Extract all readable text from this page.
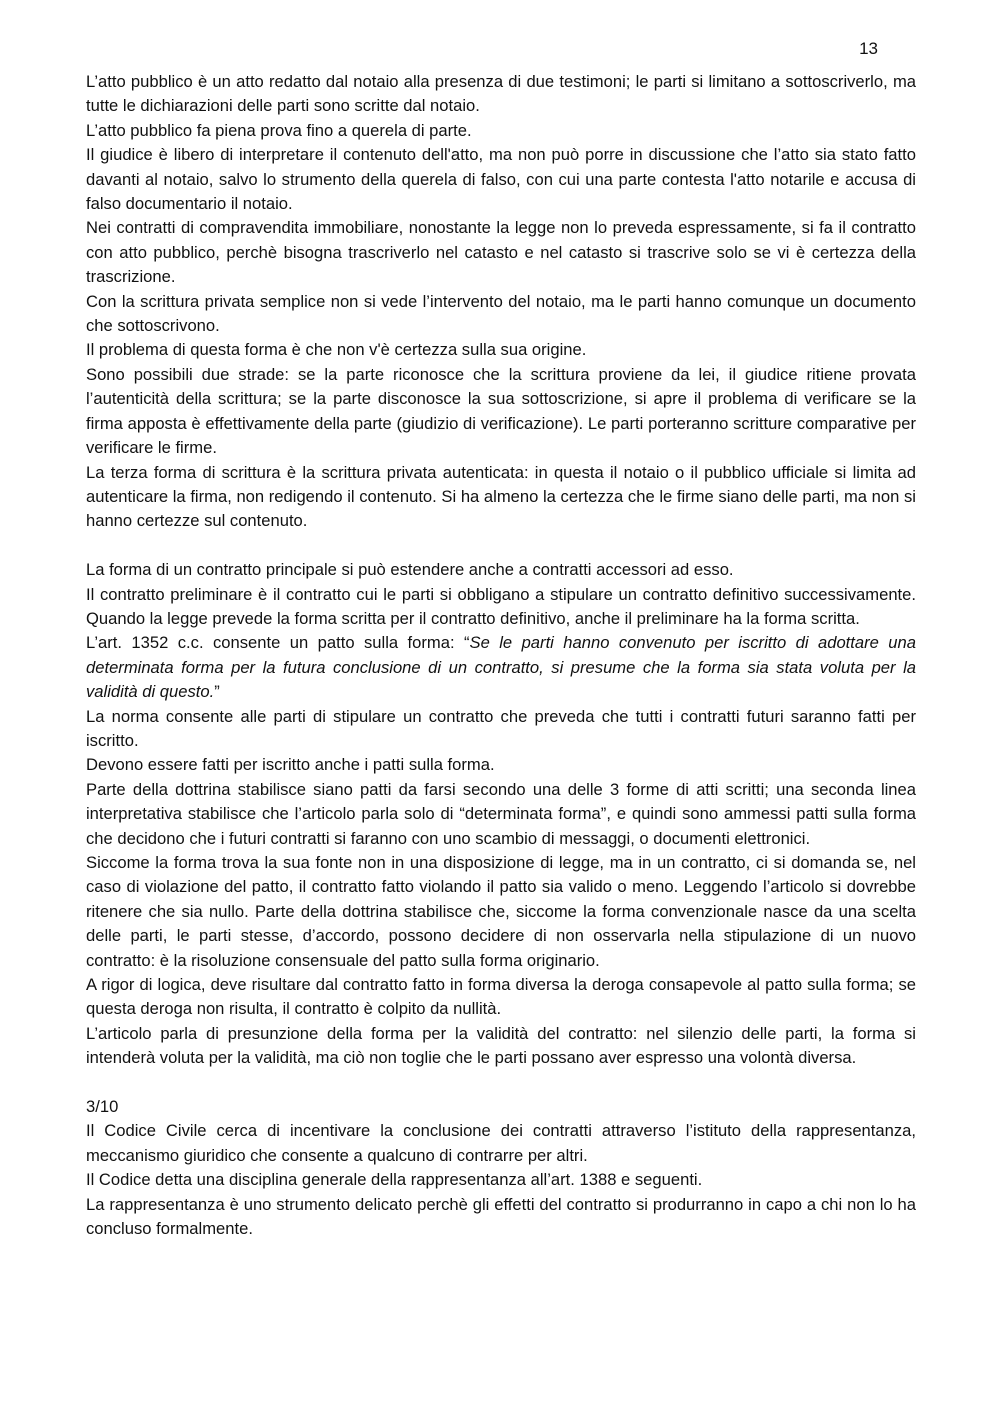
13

L’atto pubblico è un atto redatto dal notaio alla presenza di due testimoni; le parti si limitano a sottoscriverlo, ma tutte le dichiarazioni delle parti sono scritte dal notaio.

L’atto pubblico fa piena prova fino a querela di parte.

Il giudice è libero di interpretare il contenuto dell'atto, ma non può porre in discussione che l’atto sia stato fatto davanti al notaio, salvo lo strumento della querela di falso, con cui una parte contesta l'atto notarile e accusa di falso documentario il notaio.

Nei contratti di compravendita immobiliare, nonostante la legge non lo preveda espressamente, si fa il contratto con atto pubblico, perchè bisogna trascriverlo nel catasto e nel catasto si trascrive solo se vi è certezza della trascrizione.

Con la scrittura privata semplice non si vede l’intervento del notaio, ma le parti hanno comunque un documento che sottoscrivono.

Il problema di questa forma è che non v'è certezza sulla sua origine.

Sono possibili due strade: se la parte riconosce che la scrittura proviene da lei, il giudice ritiene provata l’autenticità della scrittura; se la parte disconosce la sua sottoscrizione, si apre il problema di verificare se la firma apposta è effettivamente della parte (giudizio di verificazione). Le parti porteranno scritture comparative per verificare le firme.

La terza forma di scrittura è la scrittura privata autenticata: in questa il notaio o il pubblico ufficiale si limita ad autenticare la firma, non redigendo il contenuto. Si ha almeno la certezza che le firme siano delle parti, ma non si hanno certezze sul contenuto.

La forma di un contratto principale si può estendere anche a contratti accessori ad esso.

Il contratto preliminare è il contratto cui le parti si obbligano a stipulare un contratto definitivo successivamente. Quando la legge prevede la forma scritta per il contratto definitivo, anche il preliminare ha la forma scritta.

L’art. 1352 c.c. consente un patto sulla forma: “Se le parti hanno convenuto per iscritto di adottare una determinata forma per la futura conclusione di un contratto, si presume che la forma sia stata voluta per la validità di questo.”

La norma consente alle parti di stipulare un contratto che preveda che tutti i contratti futuri saranno fatti per iscritto.

Devono essere fatti per iscritto anche i patti sulla forma.

Parte della dottrina stabilisce siano patti da farsi secondo una delle 3 forme di atti scritti; una seconda linea interpretativa stabilisce che l’articolo parla solo di “determinata forma”, e quindi sono ammessi patti sulla forma che decidono che i futuri contratti si faranno con uno scambio di messaggi, o documenti elettronici.

Siccome la forma trova la sua fonte non in una disposizione di legge, ma in un contratto, ci si domanda se, nel caso di violazione del patto, il contratto fatto violando il patto sia valido o meno. Leggendo l’articolo si dovrebbe ritenere che sia nullo. Parte della dottrina stabilisce che, siccome la forma convenzionale nasce da una scelta delle parti, le parti stesse, d’accordo, possono decidere di non osservarla nella stipulazione di un nuovo contratto: è la risoluzione consensuale del patto sulla forma originario.

A rigor di logica, deve risultare dal contratto fatto in forma diversa la deroga consapevole al patto sulla forma; se questa deroga non risulta, il contratto è colpito da nullità.

L’articolo parla di presunzione della forma per la validità del contratto: nel silenzio delle parti, la forma si intenderà voluta per la validità, ma ciò non toglie che le parti possano aver espresso una volontà diversa.

3/10

Il Codice Civile cerca di incentivare la conclusione dei contratti attraverso l’istituto della rappresentanza, meccanismo giuridico che consente a qualcuno di contrarre per altri.

Il Codice detta una disciplina generale della rappresentanza all’art. 1388 e seguenti.

La rappresentanza è uno strumento delicato perchè gli effetti del contratto si produrranno in capo a chi non lo ha concluso formalmente.
